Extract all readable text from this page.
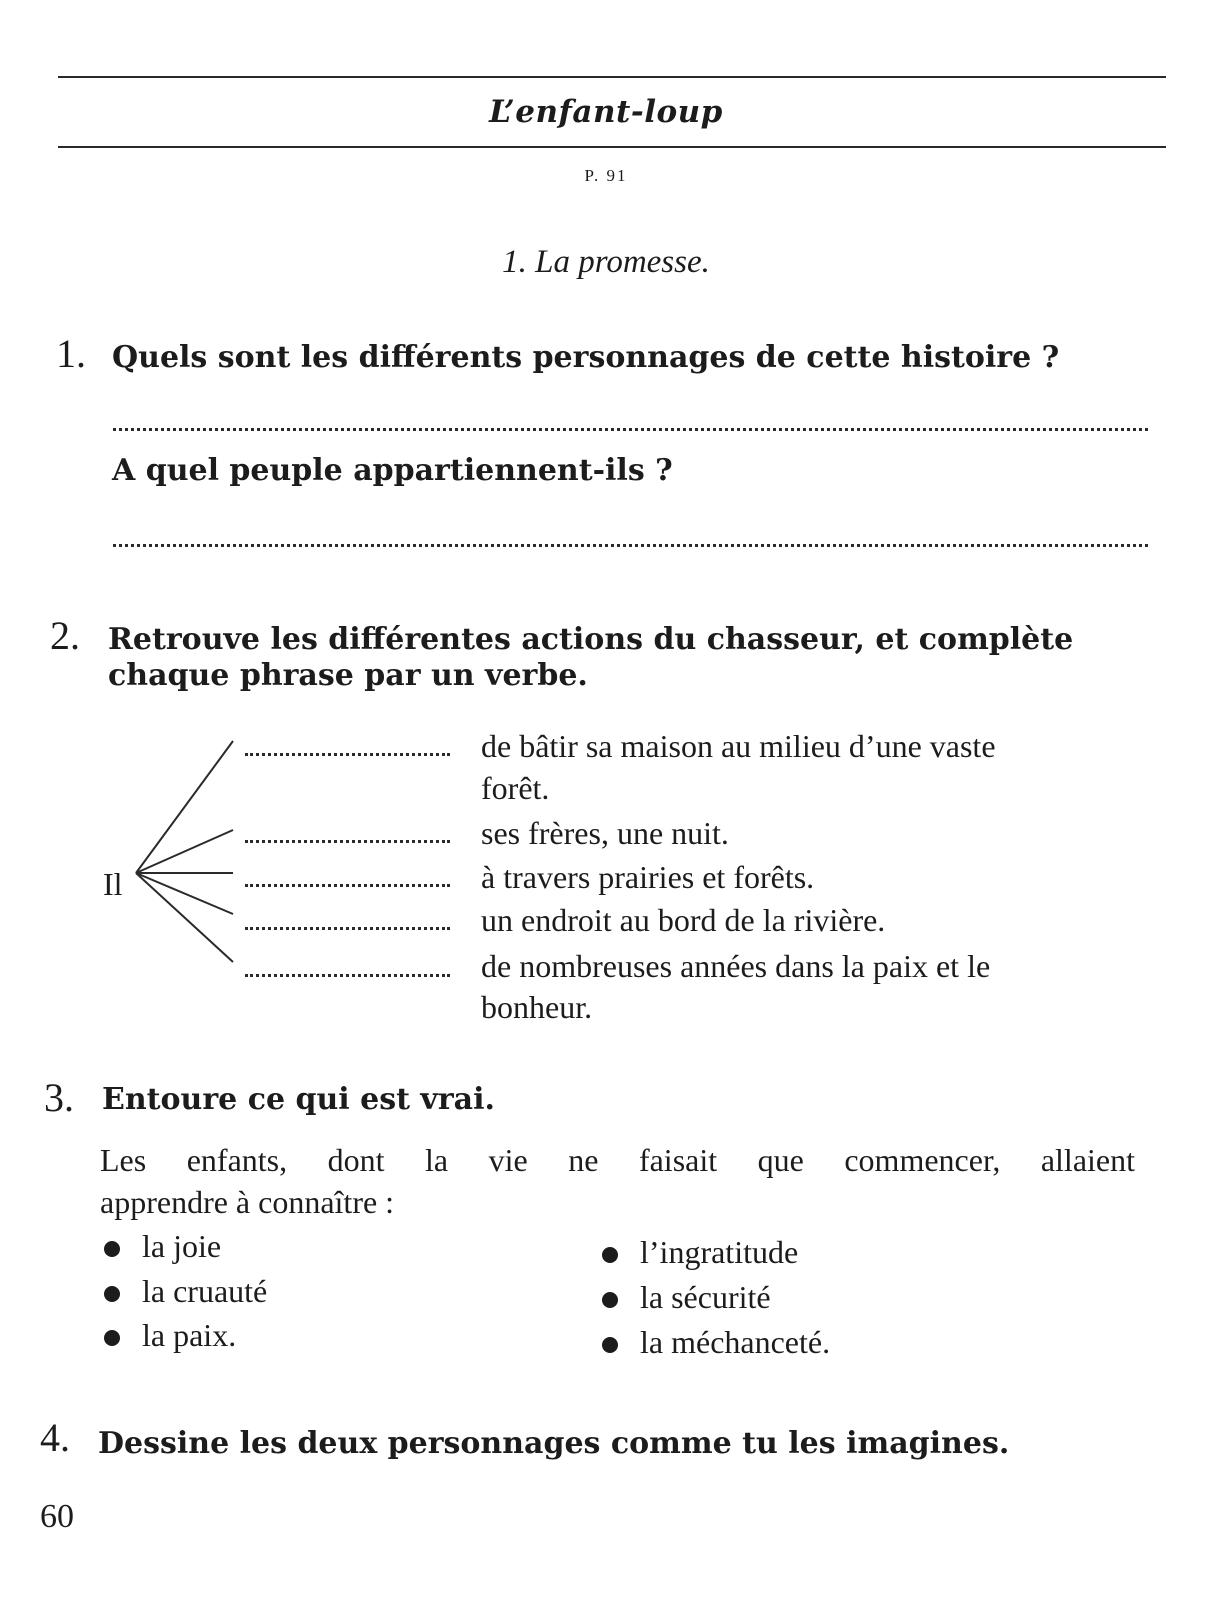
L’enfant-loup
P. 91
1. La promesse.
1. Quels sont les différents personnages de cette histoire ?
A quel peuple appartiennent-ils ?
2. Retrouve les différentes actions du chasseur, et complète
chaque phrase par un verbe.
Il
de bâtir sa maison au milieu d’une vaste
forêt.
ses frères, une nuit.
à travers prairies et forêts.
un endroit au bord de la rivière.
de nombreuses années dans la paix et le
bonheur.
3. Entoure ce qui est vrai.
Les enfants, dont la vie ne faisait que commencer, allaient
apprendre à connaître :
la joie
la cruauté
la paix.
l’ingratitude
la sécurité
la méchanceté.
4. Dessine les deux personnages comme tu les imagines.
60
